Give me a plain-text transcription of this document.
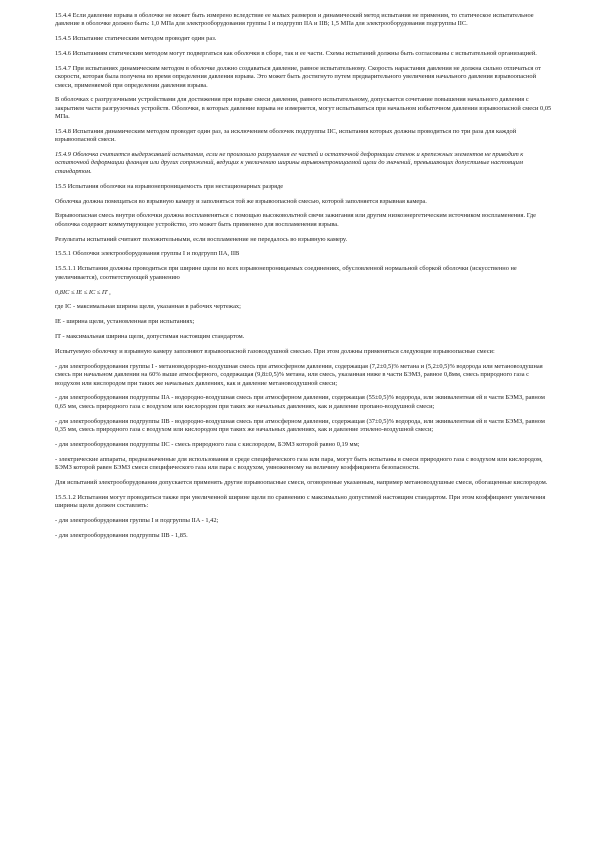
15.4.4 Если давление взрыва в оболочке не может быть измерено вследствие ее малых размеров и динамический метод испытания не применим, то статическое испытательное давление в оболочке должно быть: 1,0 МПа для электрооборудования группы I и подгрупп IIA и IIB; 1,5 МПа для электрооборудования подгруппы IIC.

15.4.5 Испытание статическим методом проводят один раз.

15.4.6 Испытаниям статическим методом могут подвергаться как оболочки в сборе, так и ее части. Схемы испытаний должны быть согласованы с испытательной организацией.

15.4.7 При испытаниях динамическим методом в оболочке должно создаваться давление, равное испытательному. Скорость нарастания давления не должна сильно отличаться от скорости, которая была получена во время определения давления взрыва. Это может быть достигнуто путем предварительного увеличения начального давления взрывоопасной смеси, применяемой при определении давления взрыва.

В оболочках с разгрузочными устройствами для достижения при взрыве смеси давления, равного испытательному, допускается сочетание повышения начального давления с закрытием части разгрузочных устройств. Оболочки, в которых давление взрыва не измеряется, могут испытываться при начальном избыточном давлении взрывоопасной смеси 0,05 МПа.

15.4.8 Испытания динамическим методом проводят один раз, за исключением оболочек подгруппы IIC, испытания которых должны проводиться по три раза для каждой взрывоопасной смеси.

15.4.9 Оболочка считается выдержавшей испытания, если не произошло разрушения ее частей и остаточной деформации стенок и крепежных элементов не приводит к остаточной деформации фланцев или других сопряжений, ведущих к увеличению ширины взрывонепроницаемой щели до значений, превышающих допустимые настоящим стандартом.

15.5 Испытания оболочки на взрывонепроницаемость при нестационарных разряде

Оболочка должна помещаться во взрывную камеру и заполняться той же взрывоопасной смесью, которой заполняется взрывная камера.

Взрывоопасная смесь внутри оболочки должна воспламеняться с помощью высоковольтной свечи зажигания или другим низкоэнергетическим источником воспламенения. Где оболочка содержит коммутирующее устройство, это может быть применено для воспламенения взрыва.

Результаты испытаний считают положительными, если воспламенение не передалось во взрывную камеру.

15.5.1 Оболочки электрооборудования группы I и подгрупп IIA, IIB

15.5.1.1 Испытания должны проводиться при ширине щели во всех взрывонепроницаемых соединениях, обусловленной нормальной сборкой оболочки (искусственно не увеличивается), соответствующей уравнению

0,8IC ≤ IE ≤ IC ≤ IT ,

где IC - максимальная ширина щели, указанная в рабочих чертежах;

IE - ширина щели, установленная при испытаниях;

IT - максимальная ширина щели, допустимая настоящим стандартом.

Испытуемую оболочку и взрывную камеру заполняют взрывоопасной газовоздушной смесью. При этом должны применяться следующие взрывоопасные смеси:

- для электрооборудования группы I - метановодородно-воздушная смесь при атмосферном давлении, содержащая (7,2±0,5)% метана и (5,2±0,5)% водорода или метановоздушная смесь при начальном давлении на 60% выше атмосферного, содержащая (9,8±0,5)% метана, или смесь, указанная ниже в части БЭМЗ, равное 0,8мм, смесь природного газа с воздухом или кислородом при таких же начальных давлениях, как и давление метановоздушной смеси;

- для электрооборудования подгруппы IIA - водородно-воздушная смесь при атмосферном давлении, содержащая (55±0,5)% водорода, или эквивалентная ей в части БЭМЗ, равном 0,65 мм, смесь природного газа с воздухом или кислородом при таких же начальных давлениях, как и давление пропано-воздушной смеси;

- для электрооборудования подгруппы IIB - водородно-воздушная смесь при атмосферном давлении, содержащая (37±0,5)% водорода, или эквивалентная ей в части БЭМЗ, равном 0,35 мм, смесь природного газа с воздухом или кислородом при таких же начальных давлениях, как и давление этилено-воздушной смеси;

- для электрооборудования подгруппы IIC - смесь природного газа с кислородом, БЭМЗ которой равно 0,19 мм;

- электрические аппараты, предназначенные для использования в среде специфического газа или пара, могут быть испытаны в смеси природного газа с воздухом или кислородом, БЭМЗ которой равен БЭМЗ смеси специфического газа или пара с воздухом, умноженному на величину коэффициента безопасности.

Для испытаний электрооборудования допускается применять другие взрывоопасные смеси, оговоренные указанным, например метановоздушные смеси, обогащенные кислородом.

15.5.1.2 Испытания могут проводиться также при увеличенной ширине щели по сравнению с максимально допустимой настоящим стандартом. При этом коэффициент увеличения ширины щели должен составлять:

- для электрооборудования группы I и подгруппы IIA - 1,42;

- для электрооборудования подгруппы IIB - 1,85.
